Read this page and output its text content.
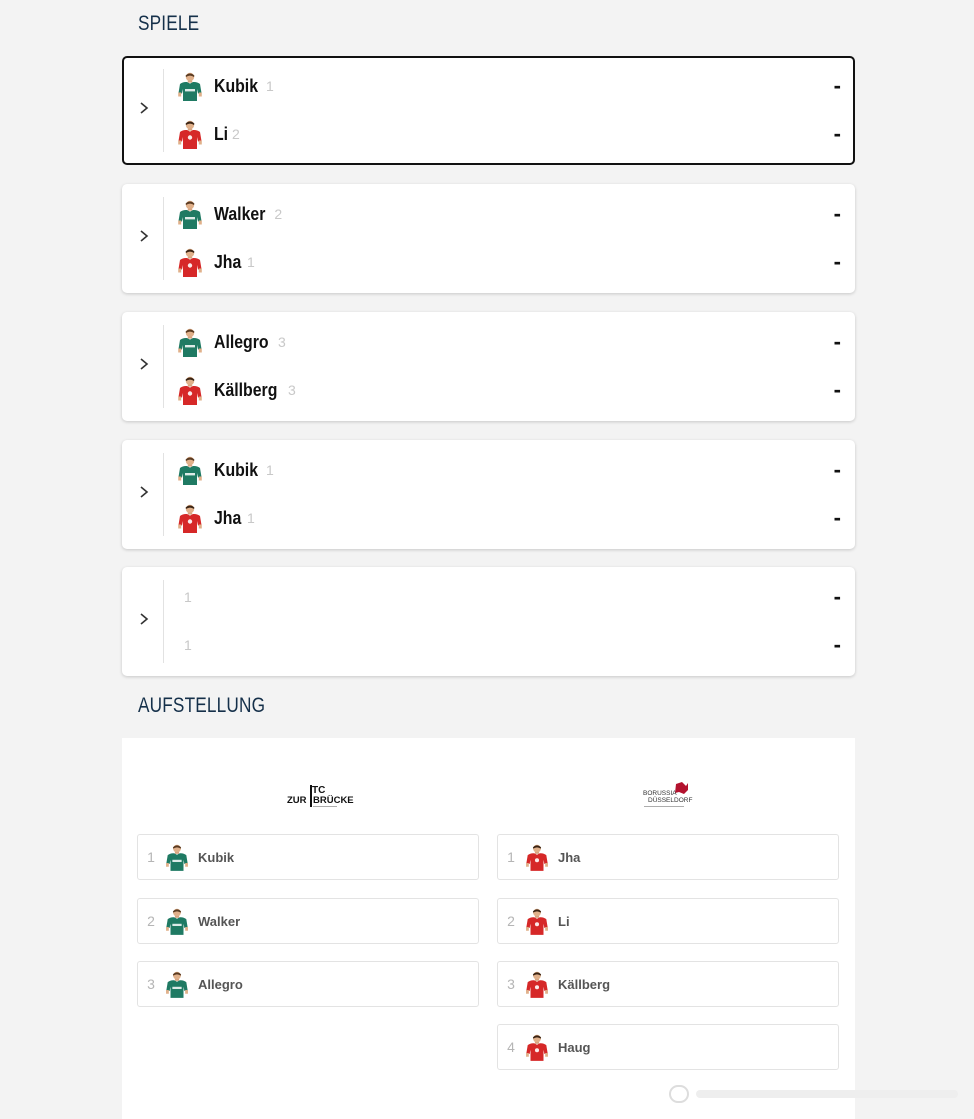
SPIELE
Kubik 1	-
Li 2	-
Walker 2	-
Jha 1	-
Allegro 3	-
Källberg 3	-
Kubik 1	-
Jha 1	-
1	-
1	-
AUFSTELLUNG
TC
ZUR BRÜCKE
BORUSSIA
DÜSSELDORF
1	Kubik
2	Walker
3	Allegro
1	Jha
2	Li
3	Källberg
4	Haug
